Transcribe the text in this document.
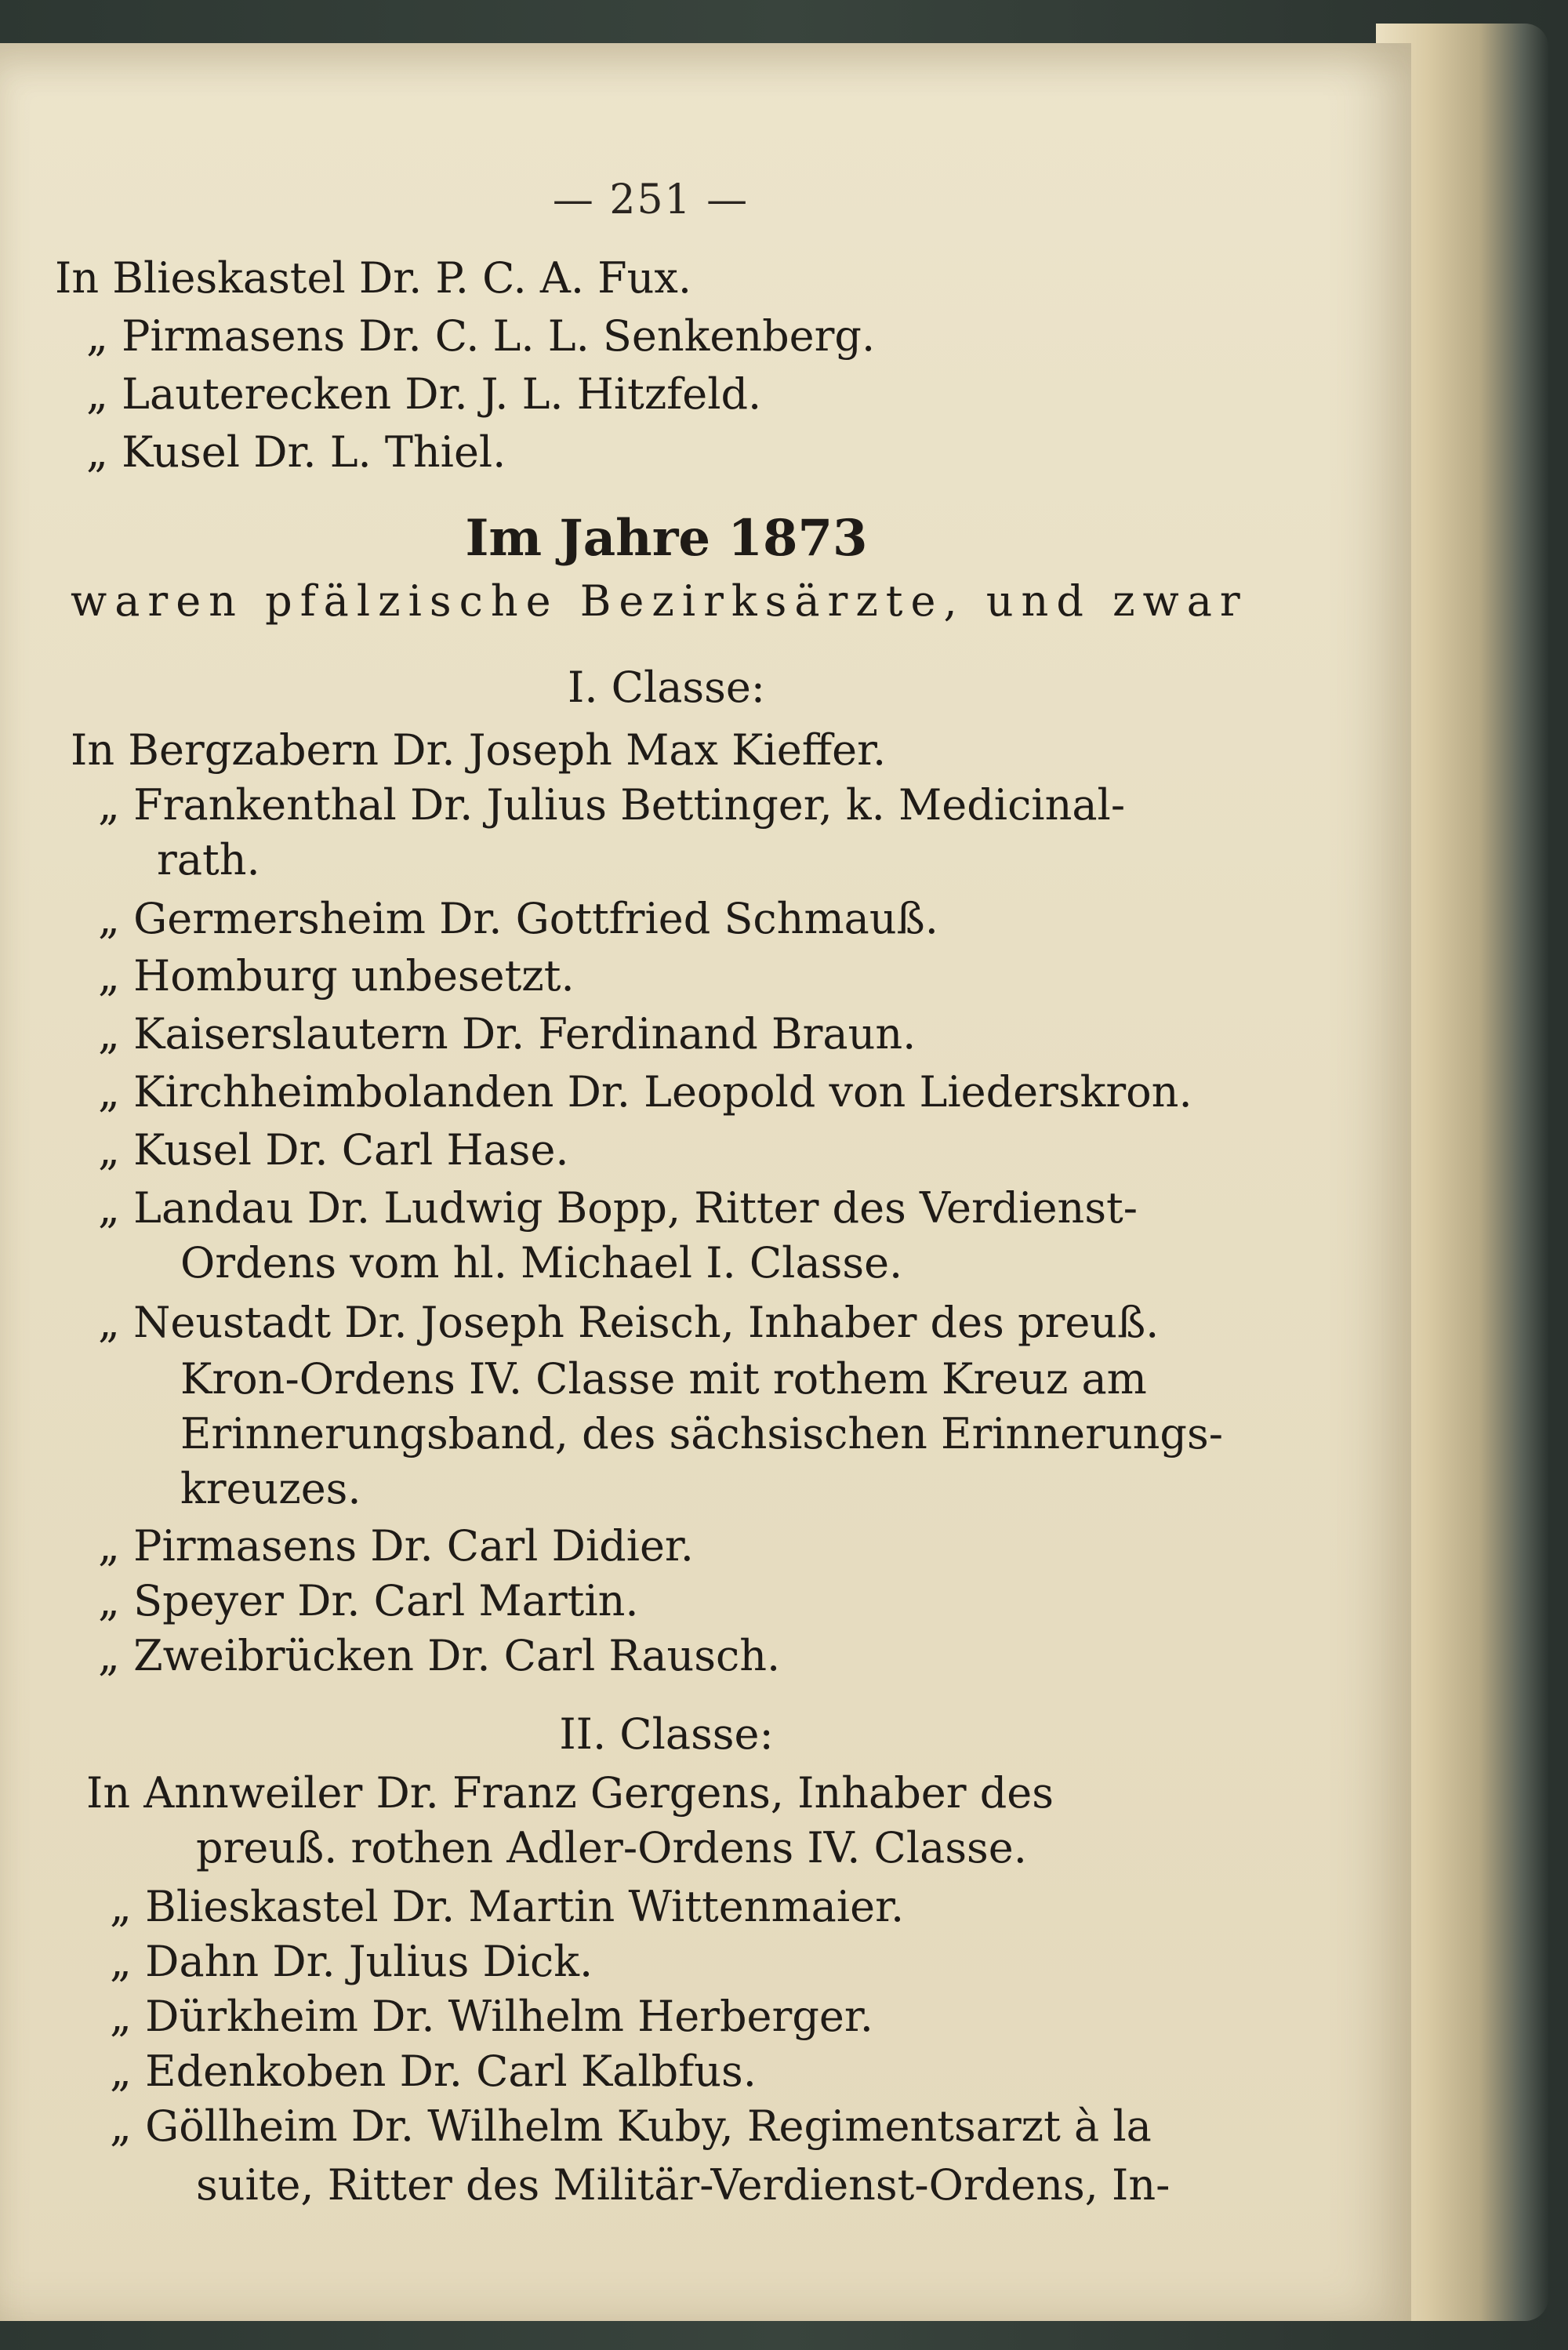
— 251 —
In Blieskastel Dr. P. C. A. Fux.
„ Pirmasens Dr. C. L. L. Senkenberg.
„ Lauterecken Dr. J. L. Hitzfeld.
„ Kusel Dr. L. Thiel.
Im Jahre 1873
waren pfälzische Bezirksärzte, und zwar
I. Classe:
In Bergzabern Dr. Joseph Max Kieffer.
„ Frankenthal Dr. Julius Bettinger, k. Medicinal-
rath.
„ Germersheim Dr. Gottfried Schmauß.
„ Homburg unbesetzt.
„ Kaiserslautern Dr. Ferdinand Braun.
„ Kirchheimbolanden Dr. Leopold von Liederskron.
„ Kusel Dr. Carl Hase.
„ Landau Dr. Ludwig Bopp, Ritter des Verdienst-
Ordens vom hl. Michael I. Classe.
„ Neustadt Dr. Joseph Reisch, Inhaber des preuß.
Kron-Ordens IV. Classe mit rothem Kreuz am
Erinnerungsband, des sächsischen Erinnerungs-
kreuzes.
„ Pirmasens Dr. Carl Didier.
„ Speyer Dr. Carl Martin.
„ Zweibrücken Dr. Carl Rausch.
II. Classe:
In Annweiler Dr. Franz Gergens, Inhaber des
preuß. rothen Adler-Ordens IV. Classe.
„ Blieskastel Dr. Martin Wittenmaier.
„ Dahn Dr. Julius Dick.
„ Dürkheim Dr. Wilhelm Herberger.
„ Edenkoben Dr. Carl Kalbfus.
„ Göllheim Dr. Wilhelm Kuby, Regimentsarzt à la
suite, Ritter des Militär-Verdienst-Ordens, In-
